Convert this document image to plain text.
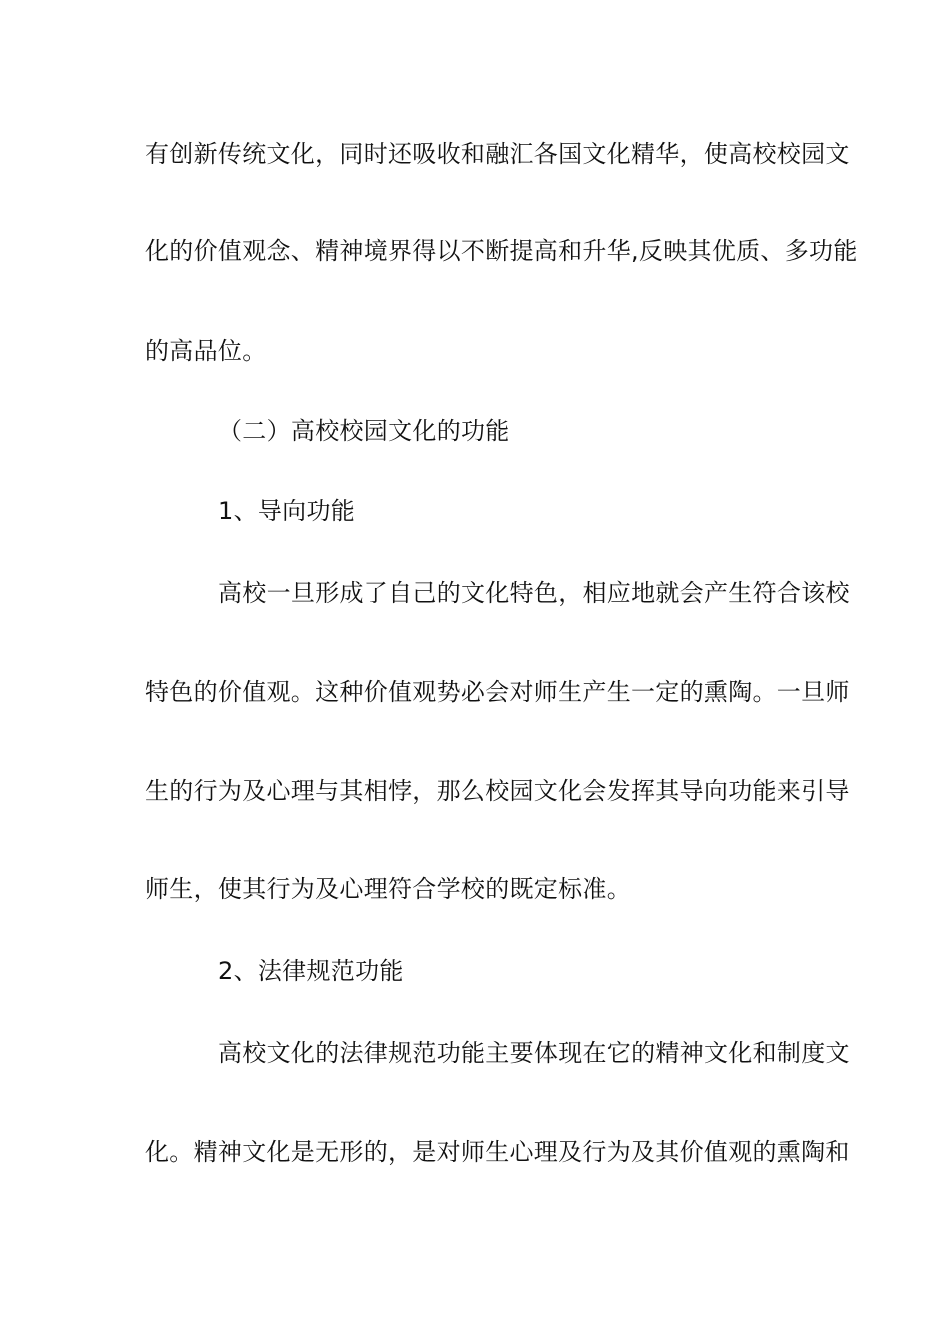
有创新传统文化，同时还吸收和融汇各国文化精华，使高校校园文
化的价值观念、精神境界得以不断提高和升华,反映其优质、多功能
的高品位。
（二）高校校园文化的功能
1、导向功能
高校一旦形成了自己的文化特色，相应地就会产生符合该校
特色的价值观。这种价值观势必会对师生产生一定的熏陶。一旦师
生的行为及心理与其相悖，那么校园文化会发挥其导向功能来引导
师生，使其行为及心理符合学校的既定标准。
2、法律规范功能
高校文化的法律规范功能主要体现在它的精神文化和制度文
化。精神文化是无形的，是对师生心理及行为及其价值观的熏陶和
